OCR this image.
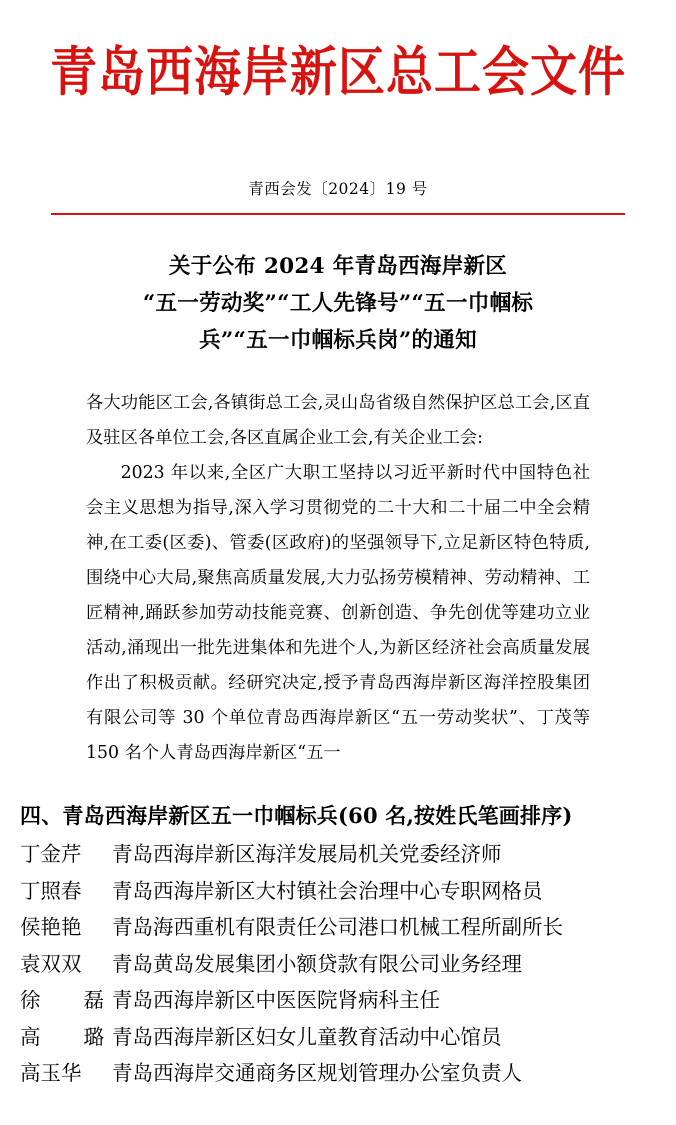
青岛西海岸新区总工会文件
青西会发〔2024〕19 号
关于公布 2024 年青岛西海岸新区
“五一劳动奖”“工人先锋号”“五一巾帼标
兵”“五一巾帼标兵岗”的通知

各大功能区工会,各镇街总工会,灵山岛省级自然保护区总工会,区直及驻区各单位工会,各区直属企业工会,有关企业工会:

2023 年以来,全区广大职工坚持以习近平新时代中国特色社会主义思想为指导,深入学习贯彻党的二十大和二十届二中全会精神,在工委(区委)、管委(区政府)的坚强领导下,立足新区特色特质,围绕中心大局,聚焦高质量发展,大力弘扬劳模精神、劳动精神、工匠精神,踊跃参加劳动技能竞赛、创新创造、争先创优等建功立业活动,涌现出一批先进集体和先进个人,为新区经济社会高质量发展作出了积极贡献。经研究决定,授予青岛西海岸新区海洋控股集团有限公司等 30 个单位青岛西海岸新区“五一劳动奖状”、丁茂等 150 名个人青岛西海岸新区“五一

四、青岛西海岸新区五一巾帼标兵(60 名,按姓氏笔画排序)
丁金芹	青岛西海岸新区海洋发展局机关党委经济师
丁照春	青岛西海岸新区大村镇社会治理中心专职网格员
侯艳艳	青岛海西重机有限责任公司港口机械工程所副所长
袁双双	青岛黄岛发展集团小额贷款有限公司业务经理
徐 磊 青岛西海岸新区中医医院肾病科主任
高 璐 青岛西海岸新区妇女儿童教育活动中心馆员
高玉华	青岛西海岸交通商务区规划管理办公室负责人
